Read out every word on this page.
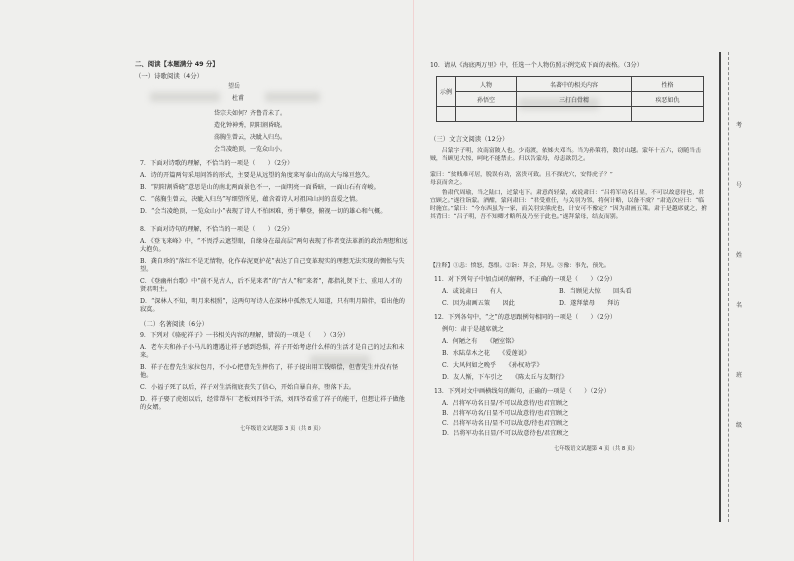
二、阅读【本题满分 49 分】
（一）诗歌阅读（4分）
望岳
杜甫
岱宗夫如何？齐鲁青未了。
造化钟神秀，阴阳割昏晓。
荡胸生曾云，决眦入归鸟。
会当凌绝顶，一览众山小。
7．下面对诗歌的理解，不恰当的一项是（　　）（2分）
A．诗的开篇两句采用问答的形式，主要是从远望的角度来写泰山的高大与绵亘悠久。
B．“阴阳割昏晓”意思是山的南北两面景色不一，一面明亮一面昏暗，一面山石有奇峻。
C．“荡胸生曾云，决眦入归鸟”写细望所见，蕴含着诗人对祖国山河的喜爱之情。
D．“会当凌绝顶，一览众山小”表现了诗人不怕困难，勇于攀登，俯视一切的雄心和气概。
8．下面对诗句的理解，不恰当的一项是（　　）（2分）
A．《登飞来峰》中，“不畏浮云遮望眼，自缘身在最高层”两句表现了作者变法革新的政治理想和远大抱负。
B．龚自珍的“落红不是无情物，化作春泥更护花”表达了自己变革现实的理想无法实现的惆怅与失望。
C．《登幽州台歌》中“前不见古人，后不见来者”的“古人”和“来者”，都指礼贤下士、重用人才的贤君明主。
D．“深林人不知，明月来相照”，这两句写诗人在深林中孤然无人知道，只有明月陪伴，看出他的寂寞。
（二）名著阅读（6分）
9．下列对《骆驼祥子》一书相关内容的理解，错误的一项是（　　）（3分）
A．老车夫和孙子小马儿的遭遇让祥子感到恐惧，祥子开始考虑什么样的生活才是自己的过去和未来。
B．祥子在曹先生家拉包月，不小心把曹先生摔伤了，祥子提出用工钱赔偿，但曹先生并没有怪他。
C．小福子死了以后，祥子对生活彻底丧失了信心，开始自暴自弃，堕落下去。
D．祥子娶了虎妞以后，经常帮车厂老板刘四爷干活，刘四爷看重了祥子的能干，但想让祥子做他的女婿。
七年级语文试题第 3 页（共 8 页）
10．请从《海底两万里》中，任选一个人物仿照示例完成下面的表格。（3分）
示例	人物	名著中的相关内容	性格
	孙悟空	三打白骨精	疾恶如仇

（三）文言文阅读（12分）
　　吕蒙字子明，汝南富陂人也。少南渡，依姊夫邓当。当为孙策将，数讨山越。蒙年十五六，窃随当击贼，当顾见大惊，呵叱不能禁止。归以告蒙母，母恚欲罚之。
蒙曰：“贫贱难可居，脱误有功，富贵可致。且不探虎穴，安得虎子？”
母哀而舍之。
　　鲁肃代周瑜，当之陆口，过蒙屯下。肃意尚轻蒙，或说肃曰：“吕将军功名日显，不可以故意待也，君宜顾之。”遂往诣蒙。酒酣，蒙问肃曰：“君受重任，与关羽为邻，将何计略，以备不虞？”肃造次应曰：“临时施宜。”蒙曰：“今东西虽为一家，而关羽实熊虎也，计安可不豫定？”因为肃画五策。肃于是越席就之，拊其背曰：“吕子明，吾不知卿才略所及乃至于此也。”遂拜蒙母，结友而别。
【注释】①恚：愤怒，怨恨。②诣：拜会，拜见。③豫：事先，预先。
11．对下列句子中加点词的解释，不正确的一项是（　　）（2分）
A．或说肃曰　　有人	B．当顾见大惊　　回头看
C．因为肃画五策　　因此	D．遂拜蒙母　　拜访
12．下列各句中，“之”的意思跟例句相同的一项是（　　）（2分）
例句：肃于是越席就之
A．何陋之有　　《陋室铭》
B．水陆草木之花　　《爱莲说》
C．大风何如之晚乎　　《孙权劝学》
D．友人惭，下车引之　　《陈太丘与友期行》
13．下列对文中画横线句的断句，正确的一项是（　　）（2分）
A．吕将军功名日显/不可以故意待/也君宜顾之
B．吕将军功名/日显不可以故意待/也君宜顾之
C．吕将军功名日/显不可以故意/待也君宜顾之
D．吕将军功名日显/不可以故意待也/君宜顾之
七年级语文试题第 4 页（共 8 页）
考
号
姓
名
班
级
